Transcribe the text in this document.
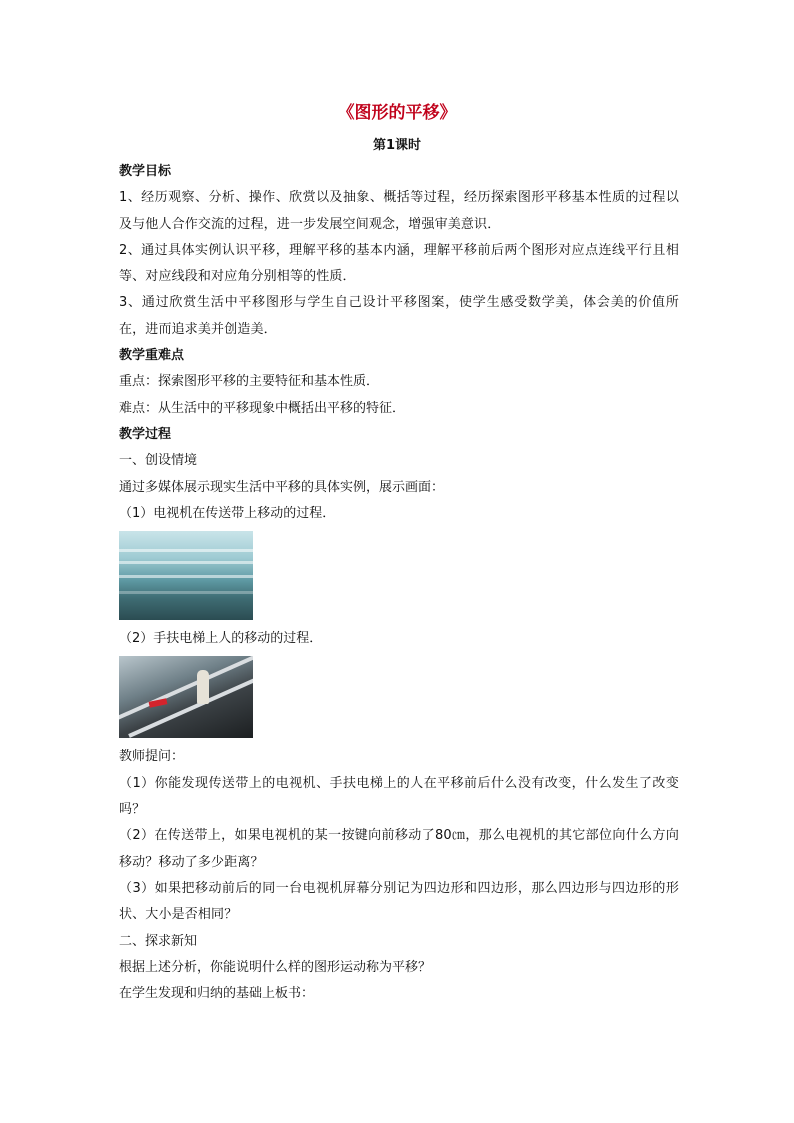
《图形的平移》
第1课时
教学目标
1、经历观察、分析、操作、欣赏以及抽象、概括等过程，经历探索图形平移基本性质的过程以及与他人合作交流的过程，进一步发展空间观念，增强审美意识．
2、通过具体实例认识平移，理解平移的基本内涵，理解平移前后两个图形对应点连线平行且相等、对应线段和对应角分别相等的性质．
3、通过欣赏生活中平移图形与学生自己设计平移图案，使学生感受数学美，体会美的价值所在，进而追求美并创造美．
教学重难点
重点：探索图形平移的主要特征和基本性质．
难点：从生活中的平移现象中概括出平移的特征．
教学过程
一、创设情境
通过多媒体展示现实生活中平移的具体实例，展示画面：
（1）电视机在传送带上移动的过程．
（2）手扶电梯上人的移动的过程．
教师提问：
（1）你能发现传送带上的电视机、手扶电梯上的人在平移前后什么没有改变，什么发生了改变吗？
（2）在传送带上，如果电视机的某一按键向前移动了80㎝，那么电视机的其它部位向什么方向移动？移动了多少距离？
（3）如果把移动前后的同一台电视机屏幕分别记为四边形和四边形，那么四边形与四边形的形状、大小是否相同？
二、探求新知
根据上述分析，你能说明什么样的图形运动称为平移？
在学生发现和归纳的基础上板书：
